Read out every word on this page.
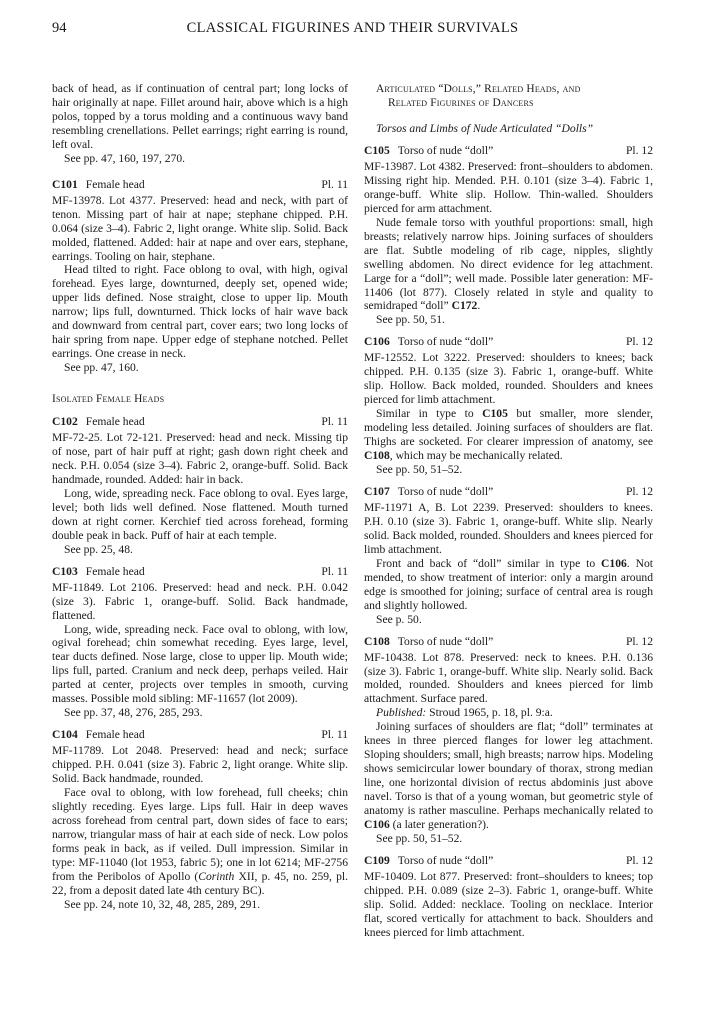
94	CLASSICAL FIGURINES AND THEIR SURVIVALS

back of head, as if continuation of central part; long locks of hair originally at nape. Fillet around hair, above which is a high polos, topped by a torus molding and a continuous wavy band resembling crenellations. Pellet earrings; right earring is round, left oval.

See pp. 47, 160, 197, 270.

C101 Female head	Pl. 11

MF-13978. Lot 4377. Preserved: head and neck, with part of tenon. Missing part of hair at nape; stephane chipped. P.H. 0.064 (size 3–4). Fabric 2, light orange. White slip. Solid. Back molded, flattened. Added: hair at nape and over ears, stephane, earrings. Tooling on hair, stephane.

Head tilted to right. Face oblong to oval, with high, ogival forehead. Eyes large, downturned, deeply set, opened wide; upper lids defined. Nose straight, close to upper lip. Mouth narrow; lips full, downturned. Thick locks of hair wave back and downward from central part, cover ears; two long locks of hair spring from nape. Upper edge of stephane notched. Pellet earrings. One crease in neck.

See pp. 47, 160.

Isolated Female Heads
C102 Female head	Pl. 11

MF-72-25. Lot 72-121. Preserved: head and neck. Missing tip of nose, part of hair puff at right; gash down right cheek and neck. P.H. 0.054 (size 3–4). Fabric 2, orange-buff. Solid. Back handmade, rounded. Added: hair in back.

Long, wide, spreading neck. Face oblong to oval. Eyes large, level; both lids well defined. Nose flattened. Mouth turned down at right corner. Kerchief tied across forehead, forming double peak in back. Puff of hair at each temple.

See pp. 25, 48.

C103 Female head	Pl. 11

MF-11849. Lot 2106. Preserved: head and neck. P.H. 0.042 (size 3). Fabric 1, orange-buff. Solid. Back handmade, flattened.

Long, wide, spreading neck. Face oval to oblong, with low, ogival forehead; chin somewhat receding. Eyes large, level, tear ducts defined. Nose large, close to upper lip. Mouth wide; lips full, parted. Cranium and neck deep, perhaps veiled. Hair parted at center, projects over temples in smooth, curving masses. Possible mold sibling: MF-11657 (lot 2009).

See pp. 37, 48, 276, 285, 293.

C104 Female head	Pl. 11

MF-11789. Lot 2048. Preserved: head and neck; surface chipped. P.H. 0.041 (size 3). Fabric 2, light orange. White slip. Solid. Back handmade, rounded.

Face oval to oblong, with low forehead, full cheeks; chin slightly receding. Eyes large. Lips full. Hair in deep waves across forehead from central part, down sides of face to ears; narrow, triangular mass of hair at each side of neck. Low polos forms peak in back, as if veiled. Dull impression. Similar in type: MF-11040 (lot 1953, fabric 5); one in lot 6214; MF-2756 from the Peribolos of Apollo (Corinth XII, p. 45, no. 259, pl. 22, from a deposit dated late 4th century BC).

See pp. 24, note 10, 32, 48, 285, 289, 291.

Articulated “Dolls,” Related Heads, and
Related Figurines of Dancers
Torsos and Limbs of Nude Articulated “Dolls”
C105 Torso of nude “doll”	Pl. 12

MF-13987. Lot 4382. Preserved: front–shoulders to abdomen. Missing right hip. Mended. P.H. 0.101 (size 3–4). Fabric 1, orange-buff. White slip. Hollow. Thin-walled. Shoulders pierced for arm attachment.

Nude female torso with youthful proportions: small, high breasts; relatively narrow hips. Joining surfaces of shoulders are flat. Subtle modeling of rib cage, nipples, slightly swelling abdomen. No direct evidence for leg attachment. Large for a “doll”; well made. Possible later generation: MF-11406 (lot 877). Closely related in style and quality to semidraped “doll” C172.

See pp. 50, 51.

C106 Torso of nude “doll”	Pl. 12

MF-12552. Lot 3222. Preserved: shoulders to knees; back chipped. P.H. 0.135 (size 3). Fabric 1, orange-buff. White slip. Hollow. Back molded, rounded. Shoulders and knees pierced for limb attachment.

Similar in type to C105 but smaller, more slender, modeling less detailed. Joining surfaces of shoulders are flat. Thighs are socketed. For clearer impression of anatomy, see C108, which may be mechanically related.

See pp. 50, 51–52.

C107 Torso of nude “doll”	Pl. 12

MF-11971 A, B. Lot 2239. Preserved: shoulders to knees. P.H. 0.10 (size 3). Fabric 1, orange-buff. White slip. Nearly solid. Back molded, rounded. Shoulders and knees pierced for limb attachment.

Front and back of “doll” similar in type to C106. Not mended, to show treatment of interior: only a margin around edge is smoothed for joining; surface of central area is rough and slightly hollowed.

See p. 50.

C108 Torso of nude “doll”	Pl. 12

MF-10438. Lot 878. Preserved: neck to knees. P.H. 0.136 (size 3). Fabric 1, orange-buff. White slip. Nearly solid. Back molded, rounded. Shoulders and knees pierced for limb attachment. Surface pared.

Published: Stroud 1965, p. 18, pl. 9:a.

Joining surfaces of shoulders are flat; “doll” terminates at knees in three pierced flanges for lower leg attachment. Sloping shoulders; small, high breasts; narrow hips. Modeling shows semicircular lower boundary of thorax, strong median line, one horizontal division of rectus abdominis just above navel. Torso is that of a young woman, but geometric style of anatomy is rather masculine. Perhaps mechanically related to C106 (a later generation?).

See pp. 50, 51–52.

C109 Torso of nude “doll”	Pl. 12

MF-10409. Lot 877. Preserved: front–shoulders to knees; top chipped. P.H. 0.089 (size 2–3). Fabric 1, orange-buff. White slip. Solid. Added: necklace. Tooling on necklace. Interior flat, scored vertically for attachment to back. Shoulders and knees pierced for limb attachment.
